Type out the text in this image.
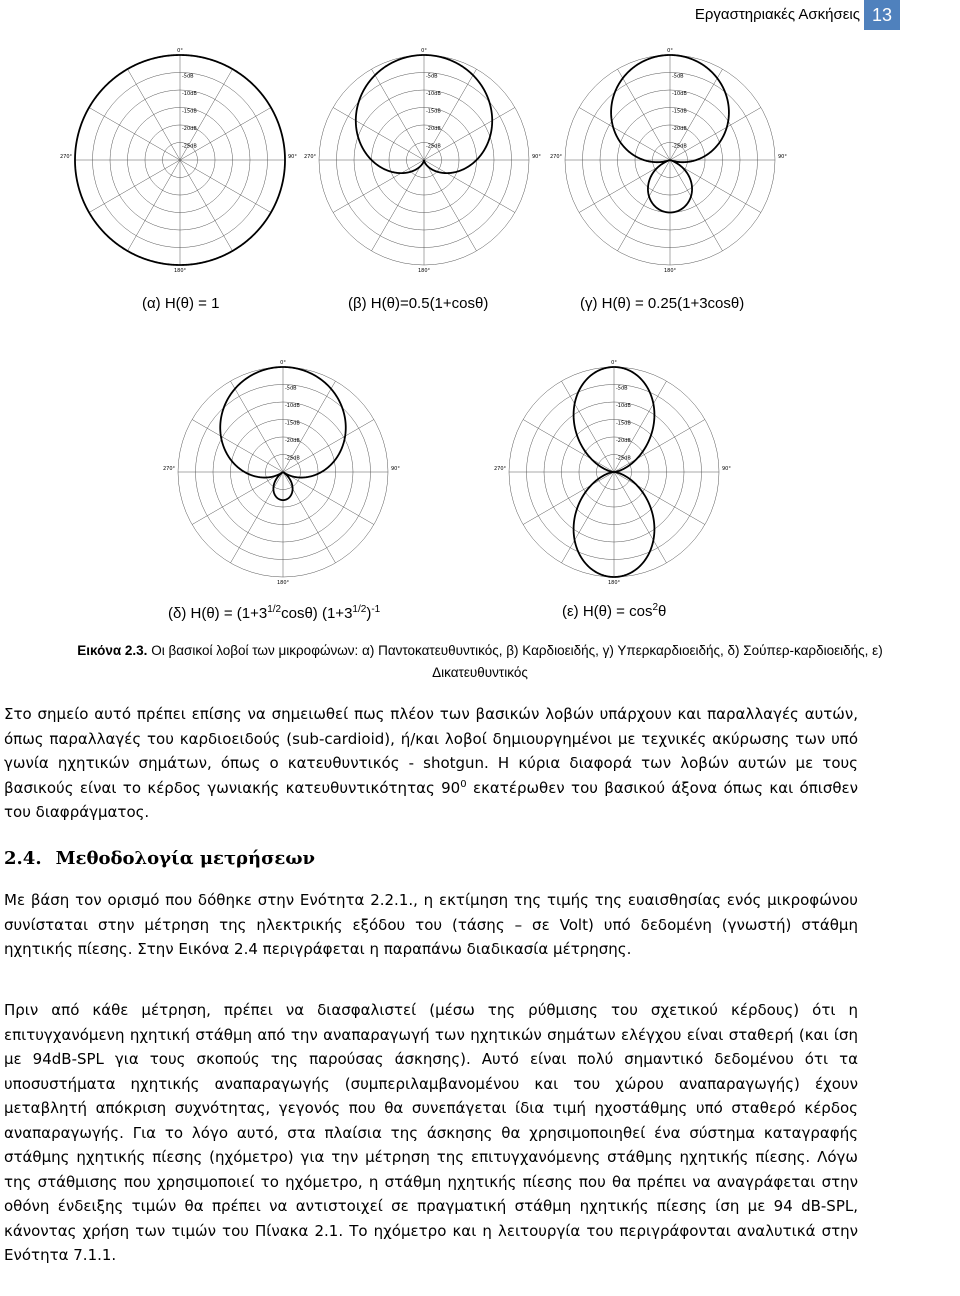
Εργαστηριακές Ασκήσεις 13
-5dB
-10dB
-15dB
-20dB
-25dB
0°
90°
180°
270°
-5dB
-10dB
-15dB
-20dB
-25dB
0°
90°
180°
270°
-5dB
-10dB
-15dB
-20dB
-25dB
0°
90°
180°
270°
-5dB
-10dB
-15dB
-20dB
-25dB
0°
90°
180°
270°
-5dB
-10dB
-15dB
-20dB
-25dB
0°
90°
180°
270°
(α) H(θ) = 1	(β) H(θ)=0.5(1+cosθ)	(γ) H(θ) = 0.25(1+3cosθ)
(δ) $H(\theta) = (1+3^{1/2}\cos\theta)$ $(1+3^{1/2})^{-1}$	(ε) $H(\theta) = \cos^2\theta$
Εικόνα 2.3. Οι βασικοί λοβοί των μικροφώνων: α) Παντοκατευθυντικός, β) Καρδιοειδής, γ) Υπερκαρδιοειδής, δ) Σούπερ-καρδιοειδής, ε) Δικατευθυντικός
Στο σημείο αυτό πρέπει επίσης να σημειωθεί πως πλέον των βασικών λοβών υπάρχουν και παραλλαγές αυτών, όπως παραλλαγές του καρδιοειδούς (sub-cardioid), ή/και λοβοί δημιουργημένοι με τεχνικές ακύρωσης των υπό γωνία ηχητικών σημάτων, όπως ο κατευθυντικός - shotgun. Η κύρια διαφορά των λοβών αυτών με τους βασικούς είναι το κέρδος γωνιακής κατευθυντικότητας $90^0$ εκατέρωθεν του βασικού άξονα όπως και όπισθεν του διαφράγματος.
2.4. Μεθοδολογία μετρήσεων
Με βάση τον ορισμό που δόθηκε στην Ενότητα 2.2.1., η εκτίμηση της τιμής της ευαισθησίας ενός μικροφώνου συνίσταται στην μέτρηση της ηλεκτρικής εξόδου του (τάσης – σε Volt) υπό δεδομένη (γνωστή) στάθμη ηχητικής πίεσης. Στην Εικόνα 2.4 περιγράφεται η παραπάνω διαδικασία μέτρησης.
Πριν από κάθε μέτρηση, πρέπει να διασφαλιστεί (μέσω της ρύθμισης του σχετικού κέρδους) ότι η επιτυγχανόμενη ηχητική στάθμη από την αναπαραγωγή των ηχητικών σημάτων ελέγχου είναι σταθερή (και ίση με 94dB-SPL για τους σκοπούς της παρούσας άσκησης). Αυτό είναι πολύ σημαντικό δεδομένου ότι τα υποσυστήματα ηχητικής αναπαραγωγής (συμπεριλαμβανομένου και του χώρου αναπαραγωγής) έχουν μεταβλητή απόκριση συχνότητας, γεγονός που θα συνεπάγεται ίδια τιμή ηχοστάθμης υπό σταθερό κέρδος αναπαραγωγής. Για το λόγο αυτό, στα πλαίσια της άσκησης θα χρησιμοποιηθεί ένα σύστημα καταγραφής στάθμης ηχητικής πίεσης (ηχόμετρο) για την μέτρηση της επιτυγχανόμενης στάθμης ηχητικής πίεσης. Λόγω της στάθμισης που χρησιμοποιεί το ηχόμετρο, η στάθμη ηχητικής πίεσης που θα πρέπει να αναγράφεται στην οθόνη ένδειξης τιμών θα πρέπει να αντιστοιχεί σε πραγματική στάθμη ηχητικής πίεσης ίση με 94 dB-SPL, κάνοντας χρήση των τιμών του Πίνακα 2.1. Το ηχόμετρο και η λειτουργία του περιγράφονται αναλυτικά στην Ενότητα 7.1.1.
